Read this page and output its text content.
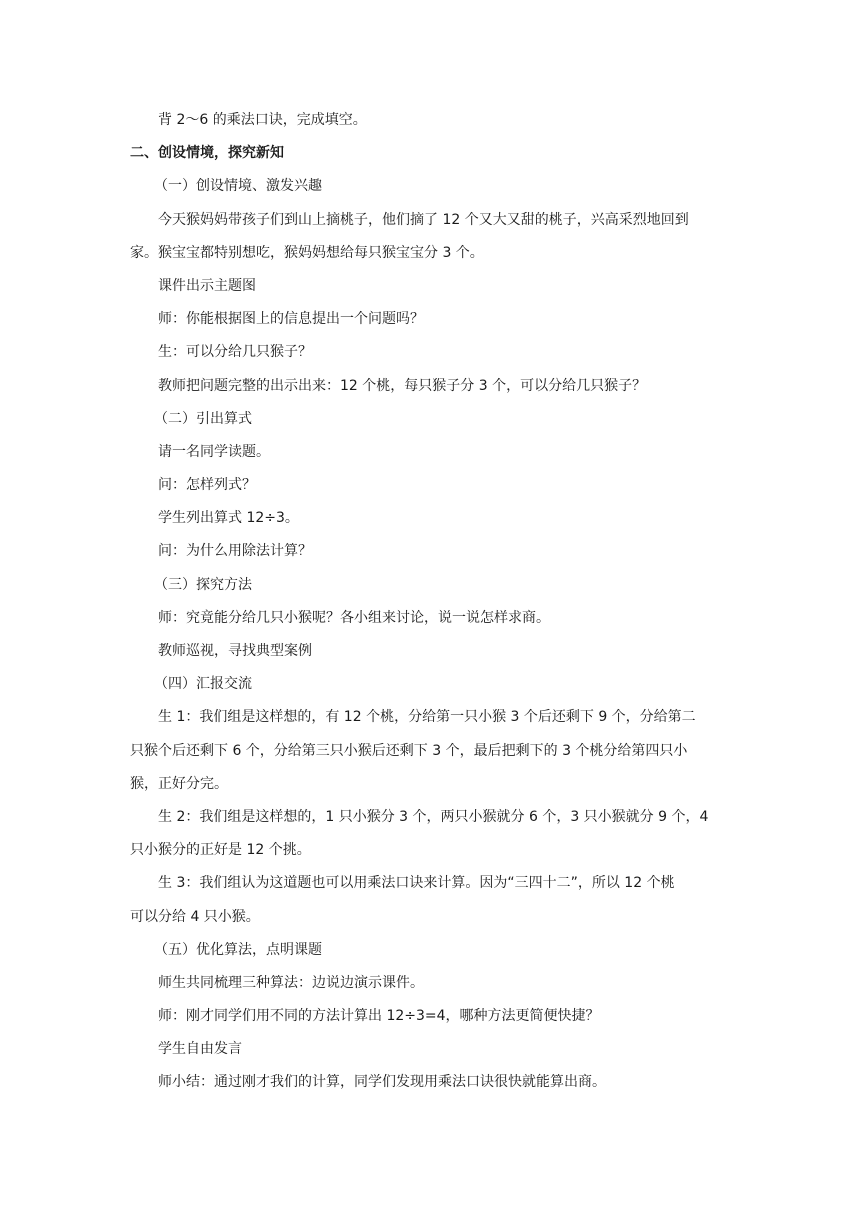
背 2～6 的乘法口诀，完成填空。
二、创设情境，探究新知
（一）创设情境、激发兴趣
今天猴妈妈带孩子们到山上摘桃子，他们摘了 12 个又大又甜的桃子，兴高采烈地回到
家。猴宝宝都特别想吃，猴妈妈想给每只猴宝宝分 3 个。
课件出示主题图
师：你能根据图上的信息提出一个问题吗？
生：可以分给几只猴子？
教师把问题完整的出示出来：12 个桃，每只猴子分 3 个，可以分给几只猴子？
（二）引出算式
请一名同学读题。
问：怎样列式？
学生列出算式 12÷3。
问：为什么用除法计算？
（三）探究方法
师：究竟能分给几只小猴呢？各小组来讨论，说一说怎样求商。
教师巡视，寻找典型案例
（四）汇报交流
生 1：我们组是这样想的，有 12 个桃，分给第一只小猴 3 个后还剩下 9 个，分给第二
只猴个后还剩下 6 个，分给第三只小猴后还剩下 3 个，最后把剩下的 3 个桃分给第四只小
猴，正好分完。
生 2：我们组是这样想的，1 只小猴分 3 个，两只小猴就分 6 个，3 只小猴就分 9 个，4
只小猴分的正好是 12 个挑。
生 3：我们组认为这道题也可以用乘法口诀来计算。因为“三四十二”，所以 12 个桃
可以分给 4 只小猴。
（五）优化算法，点明课题
师生共同梳理三种算法：边说边演示课件。
师：刚才同学们用不同的方法计算出 12÷3=4，哪种方法更简便快捷？
学生自由发言
师小结：通过刚才我们的计算，同学们发现用乘法口诀很快就能算出商。
